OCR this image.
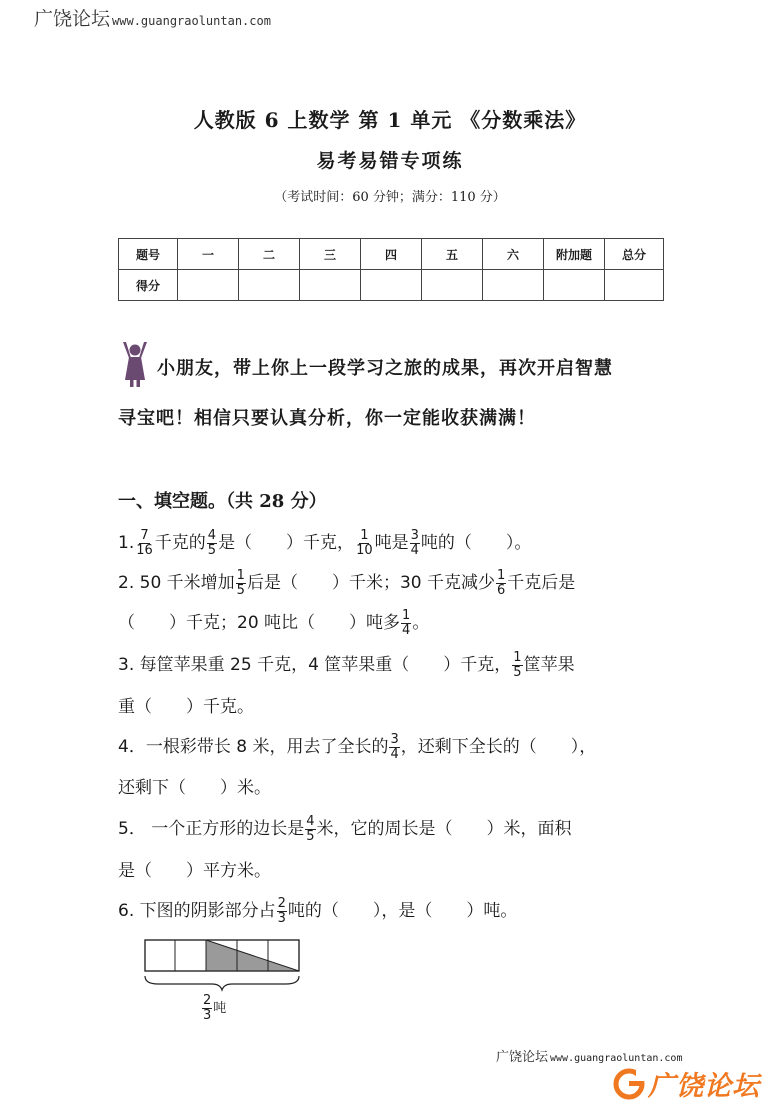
广饶论坛 www.guangraoluntan.com
人教版 6 上数学 第 1 单元 《分数乘法》
易考易错专项练
（考试时间：60 分钟；满分：110 分）
题号	一	二	三	四	五	六	附加题	总分
得分								
小朋友，带上你上一段学习之旅的成果，再次开启智慧
寻宝吧！相信只要认真分析，你一定能收获满满！
一、填空题。（共 28 分）
1. $\frac{7}{16}$ 千克的 $\frac{4}{5}$ 是（　　）千克， $\frac{1}{10}$ 吨是 $\frac{3}{4}$ 吨的（　　）。
2. 50 千米增加 $\frac{1}{5}$ 后是（　　）千米；30 千克减少 $\frac{1}{6}$ 千克后是
（　　）千克；20 吨比（　　）吨多 $\frac{1}{4}$ 。
3. 每筐苹果重 25 千克，4 筐苹果重（　　）千克， $\frac{1}{5}$ 筐苹果
重（　　）千克。
4．一根彩带长 8 米，用去了全长的 $\frac{3}{4}$ ，还剩下全长的（　　），
还剩下（　　）米。
5． 一个正方形的边长是 $\frac{4}{5}$ 米，它的周长是（　　）米，面积
是（　　）平方米。
6. 下图的阴影部分占 $\frac{2}{3}$ 吨的（　　），是（　　）吨。
$\frac{2}{3}$ 吨
广饶论坛 www.guangraoluntan.com
广饶论坛
